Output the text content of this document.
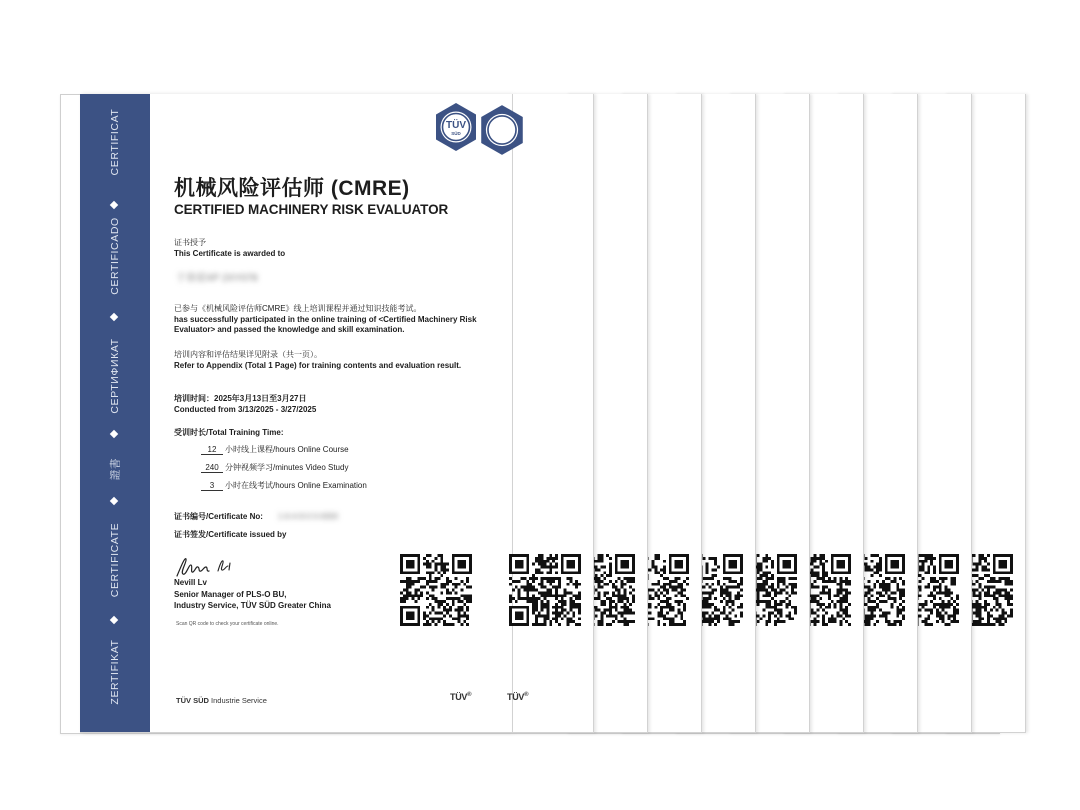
TÜV®
CERTIFICAT
CERTIFICADO
СЕРТИФИКАТ
證書
CERTIFICATE
ZERTIFIKAT
TÜV
SÜD
机械风险评估师 (CMRE)
CERTIFIED MACHINERY RISK EVALUATOR
证书授予
This Certificate is awarded to
于春雷XP 2XY078
已参与《机械风险评估师CMRE》线上培训课程并通过知识技能考试。
has successfully participated in the online training of <Certified Machinery Risk
Evaluator> and passed the knowledge and skill examination.
培训内容和评估结果详见附录（共一页）。
Refer to Appendix (Total 1 Page) for training contents and evaluation result.
培训时间：2025年3月13日至3月27日
Conducted from 3/13/2025 - 3/27/2025
受训时长/Total Training Time:
12 小时线上课程/hours Online Course
240 分钟视频学习/minutes Video Study
3 小时在线考试/hours Online Examination
证书编号/Certificate No: 1-6-4-9-0 0-0000
证书签发/Certificate issued by
Nevill Lv
Senior Manager of PLS-O BU,
Industry Service, TÜV SÜD Greater China
Scan QR code to check your certificate online.
TÜV SÜD Industrie Service	TÜV®
